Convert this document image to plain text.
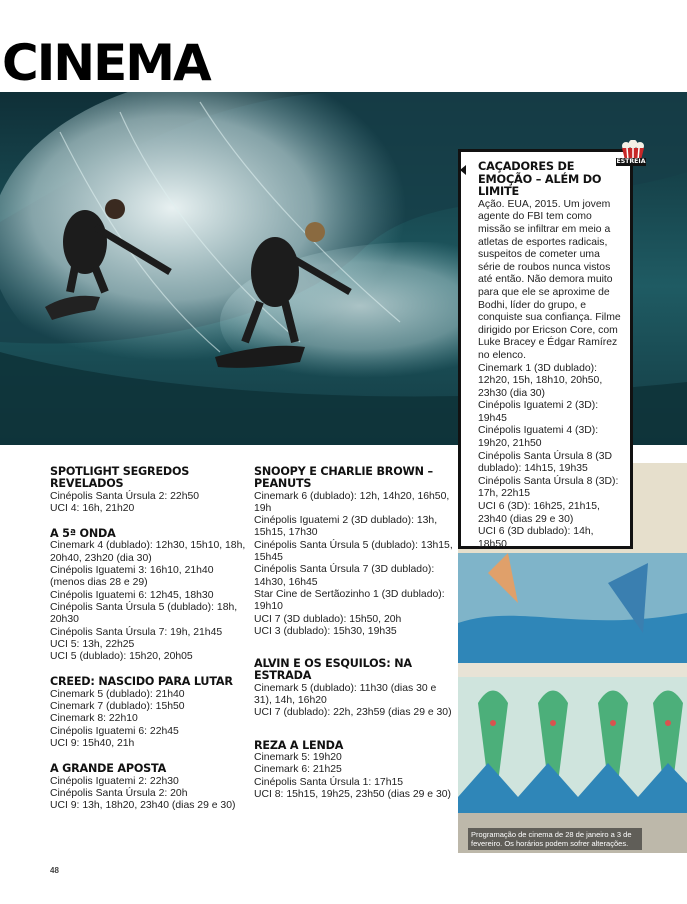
CINEMA
Programação de cinema de 28 de janeiro a 3 de fevereiro. Os horários podem sofrer alterações.
CAÇADORES DE EMOÇÃO – ALÉM DO LIMITE

Ação. EUA, 2015. Um jovem agente do FBI tem como missão se infiltrar em meio a atletas de esportes radicais, suspeitos de cometer uma série de roubos nunca vistos até então. Não demora muito para que ele se aproxime de Bodhi, líder do grupo, e conquiste sua confiança. Filme dirigido por Ericson Core, com Luke Bracey e Édgar Ramírez no elenco.

Cinemark 1 (3D dublado): 12h20, 15h, 18h10, 20h50, 23h30 (dia 30)

Cinépolis Iguatemi 2 (3D): 19h45

Cinépolis Iguatemi 4 (3D): 19h20, 21h50

Cinépolis Santa Úrsula 8 (3D dublado): 14h15, 19h35

Cinépolis Santa Úrsula 8 (3D): 17h, 22h15

UCI 6 (3D): 16h25, 21h15, 23h40 (dias 29 e 30)

UCI 6 (3D dublado): 14h, 18h50

ESTREIA
SPOTLIGHT SEGREDOS REVELADOS

Cinépolis Santa Úrsula 2: 22h50

UCI 4: 16h, 21h20

A 5ª ONDA

Cinemark 4 (dublado): 12h30, 15h10, 18h, 20h40, 23h20 (dia 30)

Cinépolis Iguatemi 3: 16h10, 21h40 (menos dias 28 e 29)

Cinépolis Iguatemi 6: 12h45, 18h30

Cinépolis Santa Úrsula 5 (dublado): 18h, 20h30

Cinépolis Santa Úrsula 7: 19h, 21h45

UCI 5: 13h, 22h25

UCI 5 (dublado): 15h20, 20h05

CREED: NASCIDO PARA LUTAR

Cinemark 5 (dublado): 21h40

Cinemark 7 (dublado): 15h50

Cinemark 8: 22h10

Cinépolis Iguatemi 6: 22h45

UCI 9: 15h40, 21h

A GRANDE APOSTA

Cinépolis Iguatemi 2: 22h30

Cinépolis Santa Úrsula 2: 20h

UCI 9: 13h, 18h20, 23h40 (dias 29 e 30)

SNOOPY E CHARLIE BROWN – PEANUTS

Cinemark 6 (dublado): 12h, 14h20, 16h50, 19h

Cinépolis Iguatemi 2 (3D dublado): 13h, 15h15, 17h30

Cinépolis Santa Úrsula 5 (dublado): 13h15, 15h45

Cinépolis Santa Úrsula 7 (3D dublado): 14h30, 16h45

Star Cine de Sertãozinho 1 (3D dublado): 19h10

UCI 7 (3D dublado): 15h50, 20h

UCI 3 (dublado): 15h30, 19h35

ALVIN E OS ESQUILOS: NA ESTRADA

Cinemark 5 (dublado): 11h30 (dias 30 e 31), 14h, 16h20

UCI 7 (dublado): 22h, 23h59 (dias 29 e 30)

REZA A LENDA

Cinemark 5: 19h20

Cinemark 6: 21h25

Cinépolis Santa Úrsula 1: 17h15

UCI 8: 15h15, 19h25, 23h50 (dias 29 e 30)

48
